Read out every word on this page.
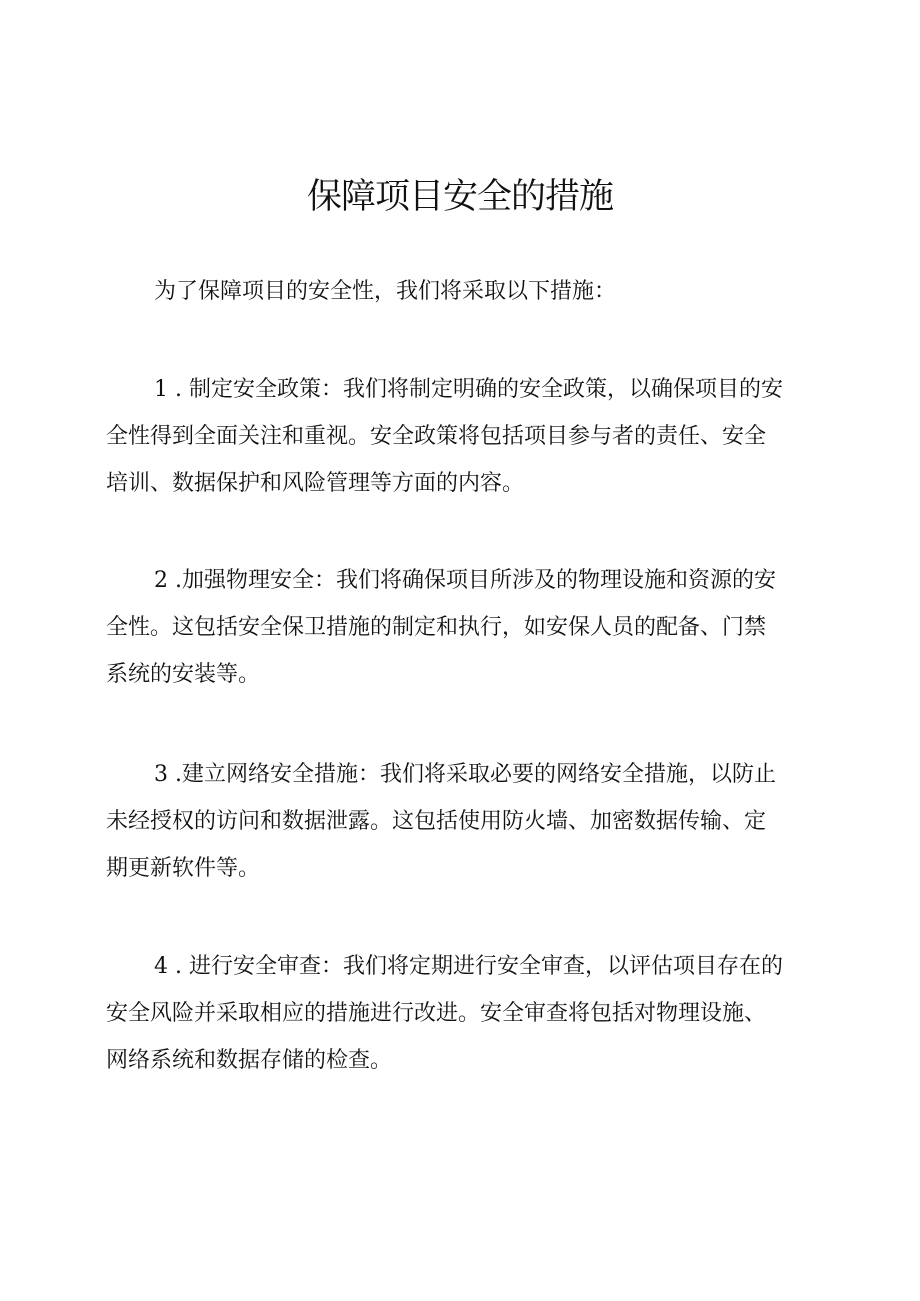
保障项目安全的措施

为了保障项目的安全性，我们将采取以下措施：

1 . 制定安全政策：我们将制定明确的安全政策，以确保项目的安
全性得到全面关注和重视。安全政策将包括项目参与者的责任、安全
培训、数据保护和风险管理等方面的内容。

2 .加强物理安全：我们将确保项目所涉及的物理设施和资源的安
全性。这包括安全保卫措施的制定和执行，如安保人员的配备、门禁
系统的安装等。

3 .建立网络安全措施：我们将采取必要的网络安全措施，以防止
未经授权的访问和数据泄露。这包括使用防火墙、加密数据传输、定
期更新软件等。

4 . 进行安全审查：我们将定期进行安全审查，以评估项目存在的
安全风险并采取相应的措施进行改进。安全审查将包括对物理设施、
网络系统和数据存储的检查。
